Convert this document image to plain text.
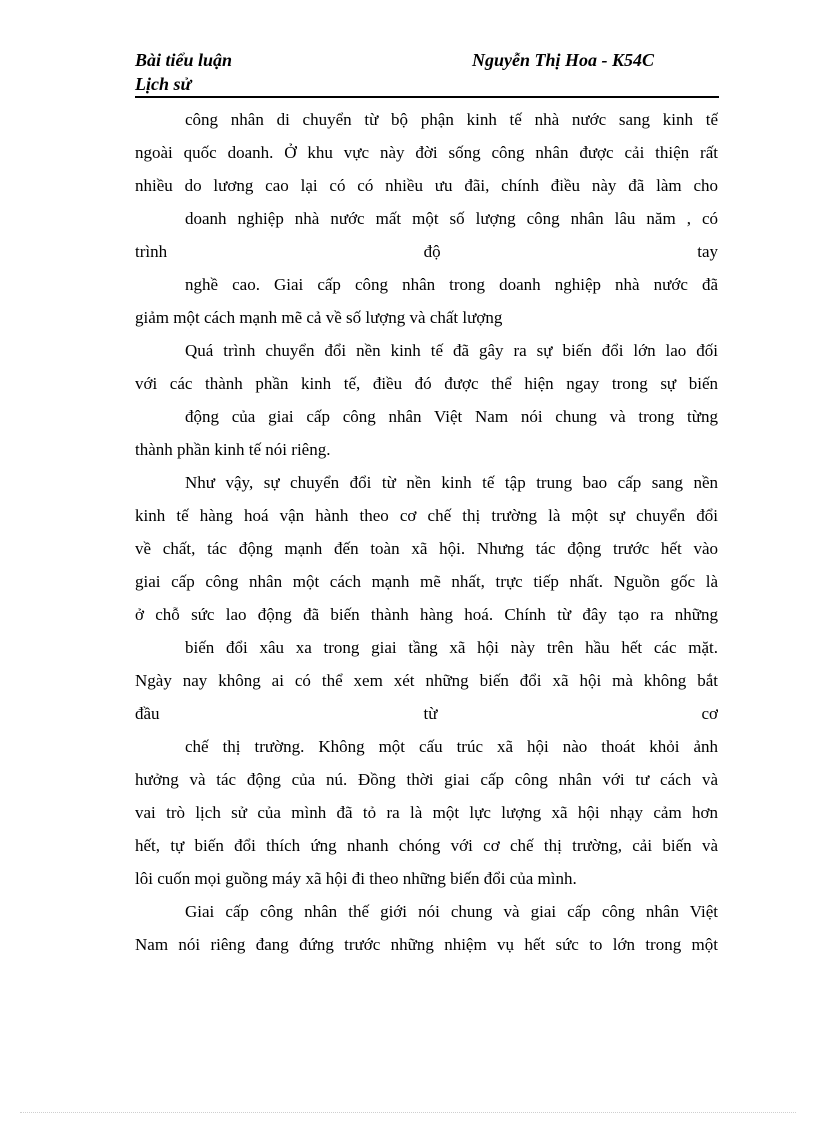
Bài tiểu luận	Nguyễn Thị Hoa - K54C
Lịch sử
công nhân di chuyển từ bộ phận kinh tế nhà nước sang kinh tế
ngoài quốc doanh. Ở khu vực này đời sống công nhân được cải thiện rất
nhiều do lương cao lại có có nhiều ưu đãi, chính điều này đã làm cho
doanh nghiệp nhà nước mất một số lượng công nhân lâu năm , có
trình độ tay
nghề cao. Giai cấp công nhân trong doanh nghiệp nhà nước đã
giảm một cách mạnh mẽ cả về số lượng và chất lượng
Quá trình chuyển đổi nền kinh tế đã gây ra sự biến đổi lớn lao đối
với các thành phần kinh tế, điều đó được thể hiện ngay trong sự biến
động của giai cấp công nhân Việt Nam nói chung và trong từng
thành phần kinh tế nói riêng.
Như vậy, sự chuyển đổi từ nền kinh tế tập trung bao cấp sang nền
kinh tế hàng hoá vận hành theo cơ chế thị trường là một sự chuyển đổi
về chất, tác động mạnh đến toàn xã hội. Nhưng tác động trước hết vào
giai cấp công nhân một cách mạnh mẽ nhất, trực tiếp nhất. Nguồn gốc là
ở chỗ sức lao động đã biến thành hàng hoá. Chính từ đây tạo ra những
biến đổi xâu xa trong giai tầng xã hội này trên hầu hết các mặt.
Ngày nay không ai có thể xem xét những biến đổi xã hội mà không bắt
đầu từ cơ
chế thị trường. Không một cấu trúc xã hội nào thoát khỏi ảnh
hưởng và tác động của nú. Đồng thời giai cấp công nhân với tư cách và
vai trò lịch sử của mình đã tỏ ra là một lực lượng xã hội nhạy cảm hơn
hết, tự biến đổi thích ứng nhanh chóng với cơ chế thị trường, cải biến và
lôi cuốn mọi guồng máy xã hội đi theo những biến đổi của mình.
Giai cấp công nhân thế giới nói chung và giai cấp công nhân Việt
Nam nói riêng đang đứng trước những nhiệm vụ hết sức to lớn trong một
